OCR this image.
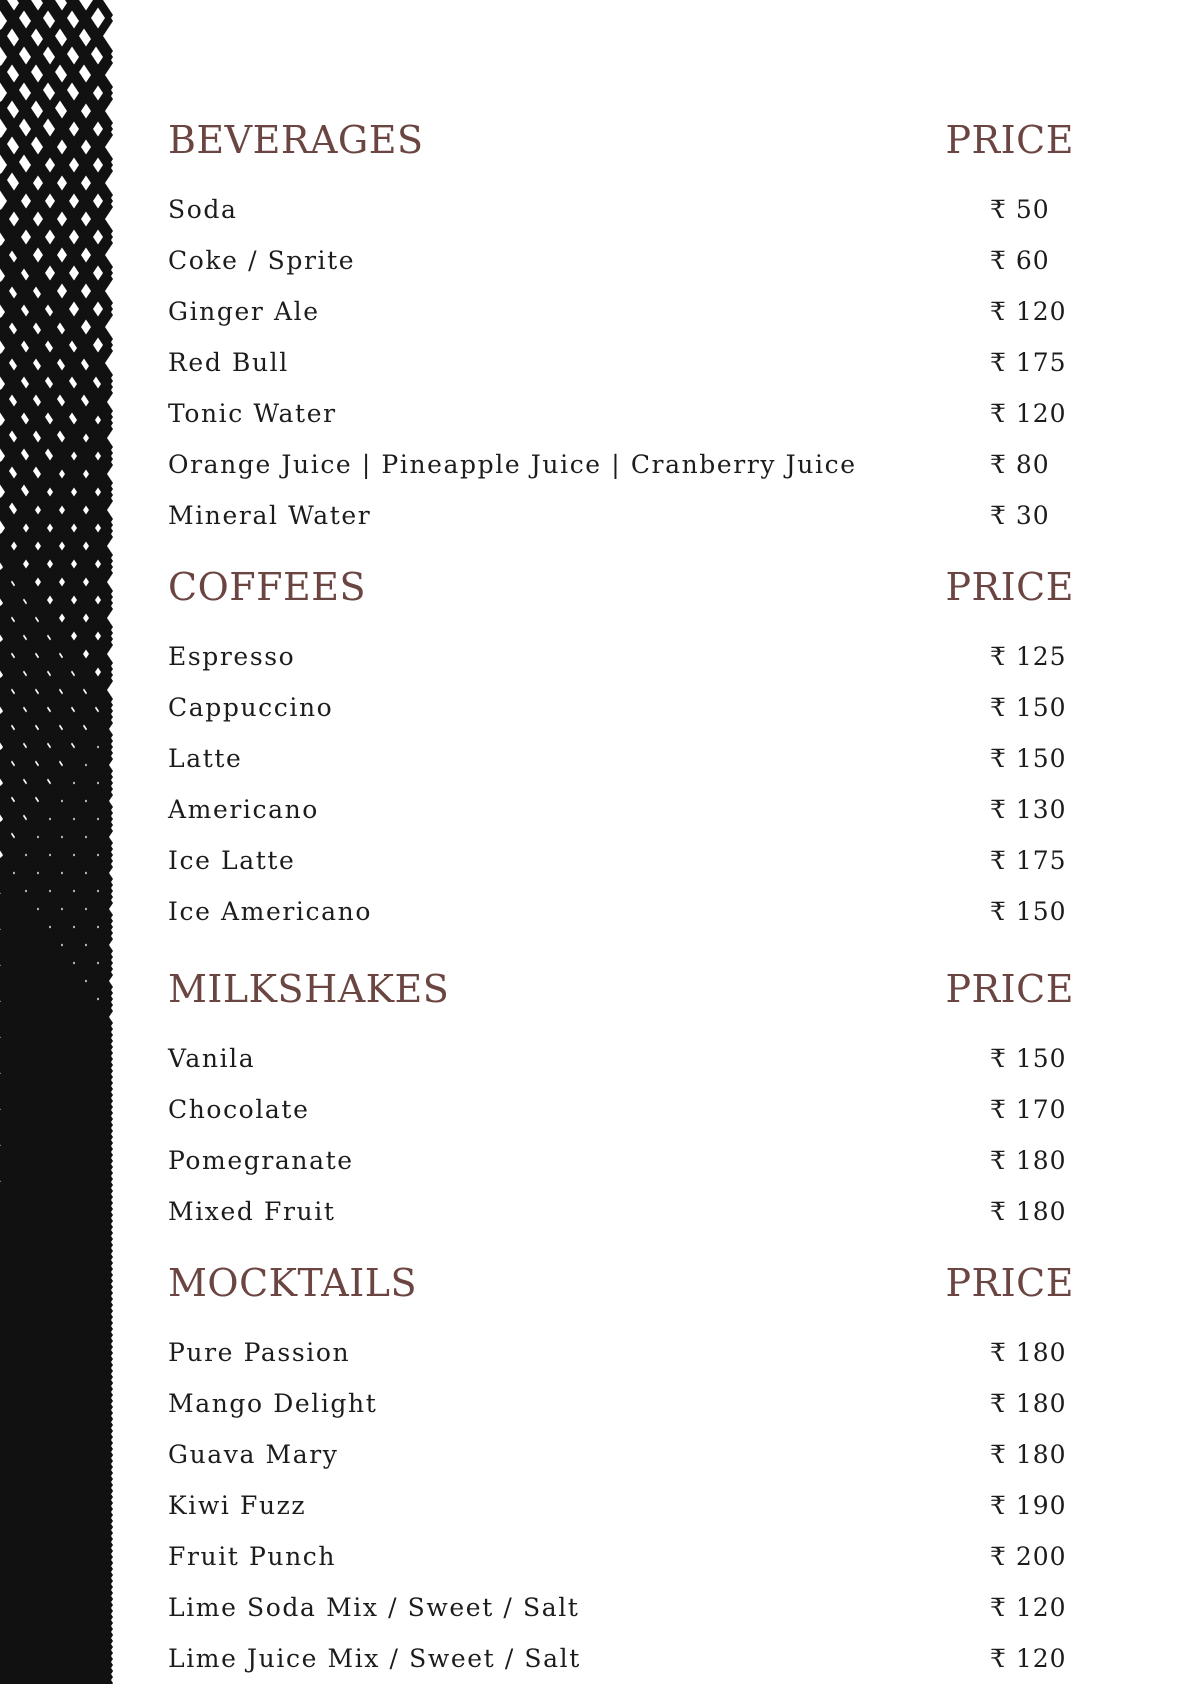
BEVERAGES	PRICE
Soda	₹ 50
Coke / Sprite	₹ 60
Ginger Ale	₹ 120
Red Bull	₹ 175
Tonic Water	₹ 120
Orange Juice | Pineapple Juice | Cranberry Juice	₹ 80
Mineral Water	₹ 30
COFFEES	PRICE
Espresso	₹ 125
Cappuccino	₹ 150
Latte	₹ 150
Americano	₹ 130
Ice Latte	₹ 175
Ice Americano	₹ 150
MILKSHAKES	PRICE
Vanila	₹ 150
Chocolate	₹ 170
Pomegranate	₹ 180
Mixed Fruit	₹ 180
MOCKTAILS	PRICE
Pure Passion	₹ 180
Mango Delight	₹ 180
Guava Mary	₹ 180
Kiwi Fuzz	₹ 190
Fruit Punch	₹ 200
Lime Soda Mix / Sweet / Salt	₹ 120
Lime Juice Mix / Sweet / Salt	₹ 120
